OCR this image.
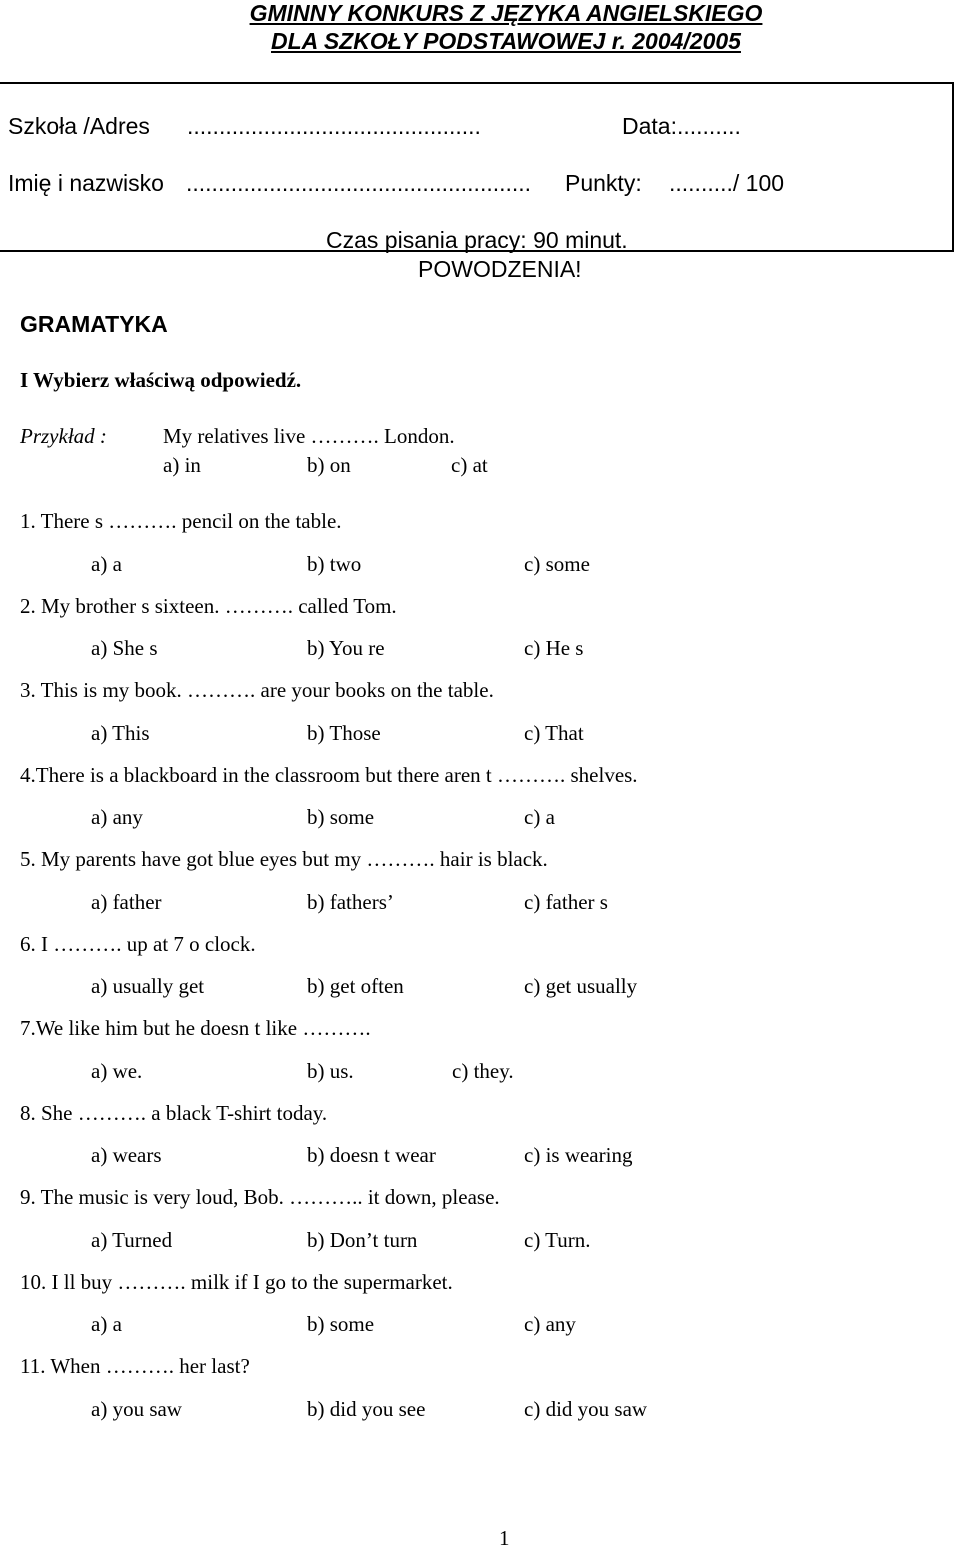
GMINNY KONKURS Z JĘZYKA ANGIELSKIEGO
DLA SZKOŁY PODSTAWOWEJ r. 2004/2005
Szkoła /Adres ..............................................	Data:..........
Imię i nazwisko ...................................................... Punkty: ........../ 100
Czas pisania pracy: 90 minut.
POWODZENIA!
GRAMATYKA
I Wybierz właściwą odpowiedź.
Przykład :	My relatives live ………. London.
a) in	b) on	c) at
1. There s ………. pencil on the table.
a) a	b) two	c) some
2. My brother s sixteen. ………. called Tom.
a) She s	b) You re	c) He s
3. This is my book. ………. are your books on the table.
a) This	b) Those	c) That
4.There is a blackboard in the classroom but there aren t ………. shelves.
a) any	b) some	c) a
5. My parents have got blue eyes but my ………. hair is black.
a) father	b) fathers’	c) father s
6. I ………. up at 7 o clock.
a) usually get	b) get often	c) get usually
7.We like him but he doesn t like ……….
a) we.	b) us.	c) they.
8. She ………. a black T-shirt today.
a) wears	b) doesn t wear	c) is wearing
9. The music is very loud, Bob. ……….. it down, please.
a) Turned	b) Don’t turn	c) Turn.
10. I ll buy ………. milk if I go to the supermarket.
a) a	b) some	c) any
11. When ………. her last?
a) you saw	b) did you see	c) did you saw
1
